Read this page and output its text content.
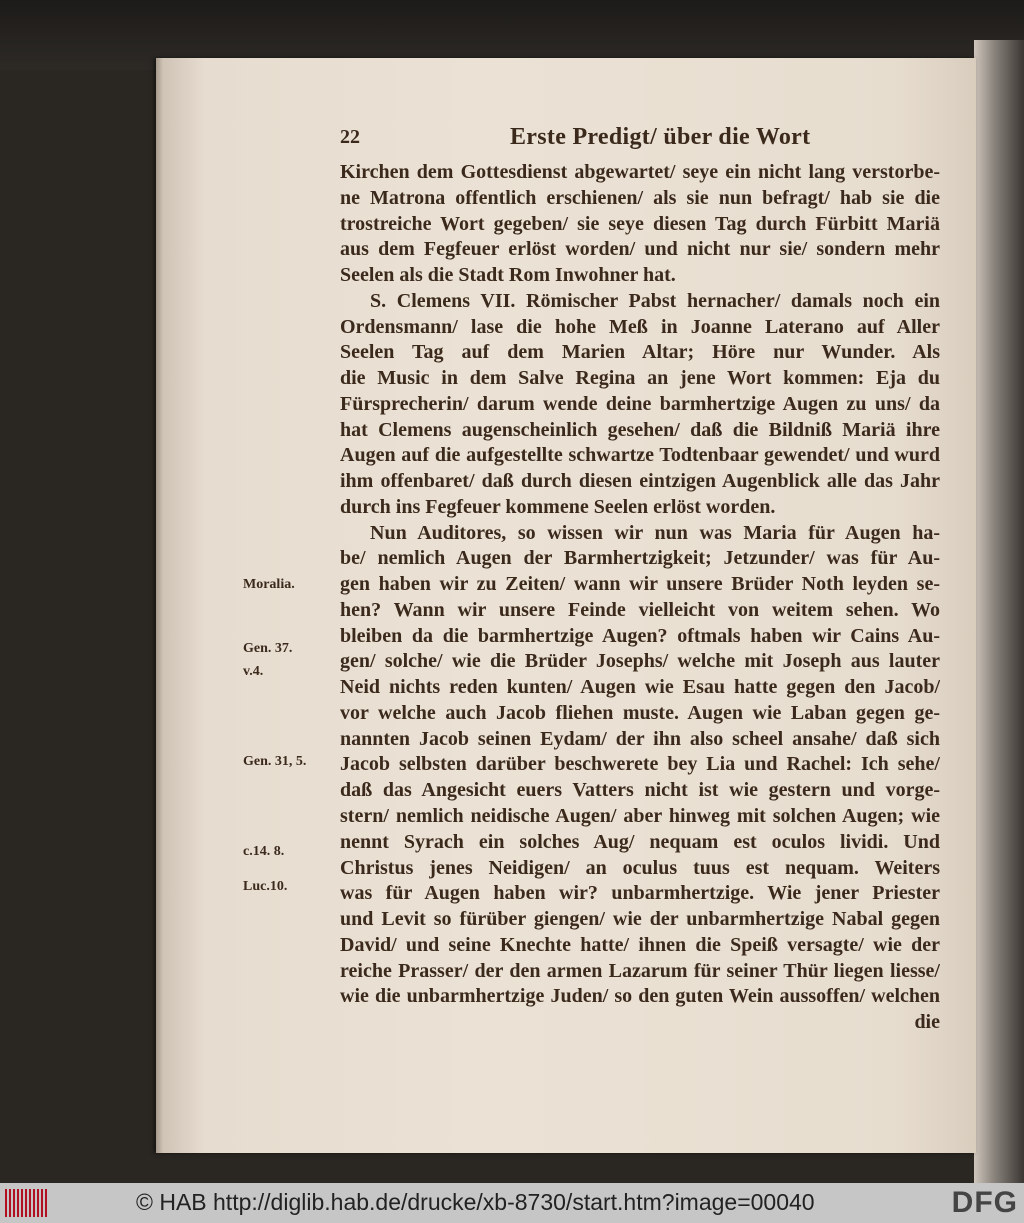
22	Erste Predigt/ über die Wort
Kirchen dem Gottesdienst abgewartet/ seye ein nicht lang verstorbe-
ne Matrona offentlich erschienen/ als sie nun befragt/ hab sie die
trostreiche Wort gegeben/ sie seye diesen Tag durch Fürbitt Mariä
aus dem Fegfeuer erlöst worden/ und nicht nur sie/ sondern mehr
Seelen als die Stadt Rom Inwohner hat.
S. Clemens VII. Römischer Pabst hernacher/ damals noch ein
Ordensmann/ lase die hohe Meß in Joanne Laterano auf Aller
Seelen Tag auf dem Marien Altar; Höre nur Wunder. Als
die Music in dem Salve Regina an jene Wort kommen: Eja du
Fürsprecherin/ darum wende deine barmhertzige Augen zu uns/ da
hat Clemens augenscheinlich gesehen/ daß die Bildniß Mariä ihre
Augen auf die aufgestellte schwartze Todtenbaar gewendet/ und wurd
ihm offenbaret/ daß durch diesen eintzigen Augenblick alle das Jahr
durch ins Fegfeuer kommene Seelen erlöst worden.
Nun Auditores, so wissen wir nun was Maria für Augen ha-
be/ nemlich Augen der Barmhertzigkeit; Jetzunder/ was für Au-
gen haben wir zu Zeiten/ wann wir unsere Brüder Noth leyden se-
hen? Wann wir unsere Feinde vielleicht von weitem sehen. Wo
bleiben da die barmhertzige Augen? oftmals haben wir Cains Au-
gen/ solche/ wie die Brüder Josephs/ welche mit Joseph aus lauter
Neid nichts reden kunten/ Augen wie Esau hatte gegen den Jacob/
vor welche auch Jacob fliehen muste. Augen wie Laban gegen ge-
nannten Jacob seinen Eydam/ der ihn also scheel ansahe/ daß sich
Jacob selbsten darüber beschwerete bey Lia und Rachel: Ich sehe/
daß das Angesicht euers Vatters nicht ist wie gestern und vorge-
stern/ nemlich neidische Augen/ aber hinweg mit solchen Augen; wie
nennt Syrach ein solches Aug/ nequam est oculos lividi. Und
Christus jenes Neidigen/ an oculus tuus est nequam. Weiters
was für Augen haben wir? unbarmhertzige. Wie jener Priester
und Levit so fürüber giengen/ wie der unbarmhertzige Nabal gegen
David/ und seine Knechte hatte/ ihnen die Speiß versagte/ wie der
reiche Prasser/ der den armen Lazarum für seiner Thür liegen liesse/
wie die unbarmhertzige Juden/ so den guten Wein aussoffen/ welchen
die
Moralia.
Gen. 37.
v.4.
Gen. 31, 5.
c.14. 8.
Luc.10.
© HAB http://diglib.hab.de/drucke/xb-8730/start.htm?image=00040	DFG
